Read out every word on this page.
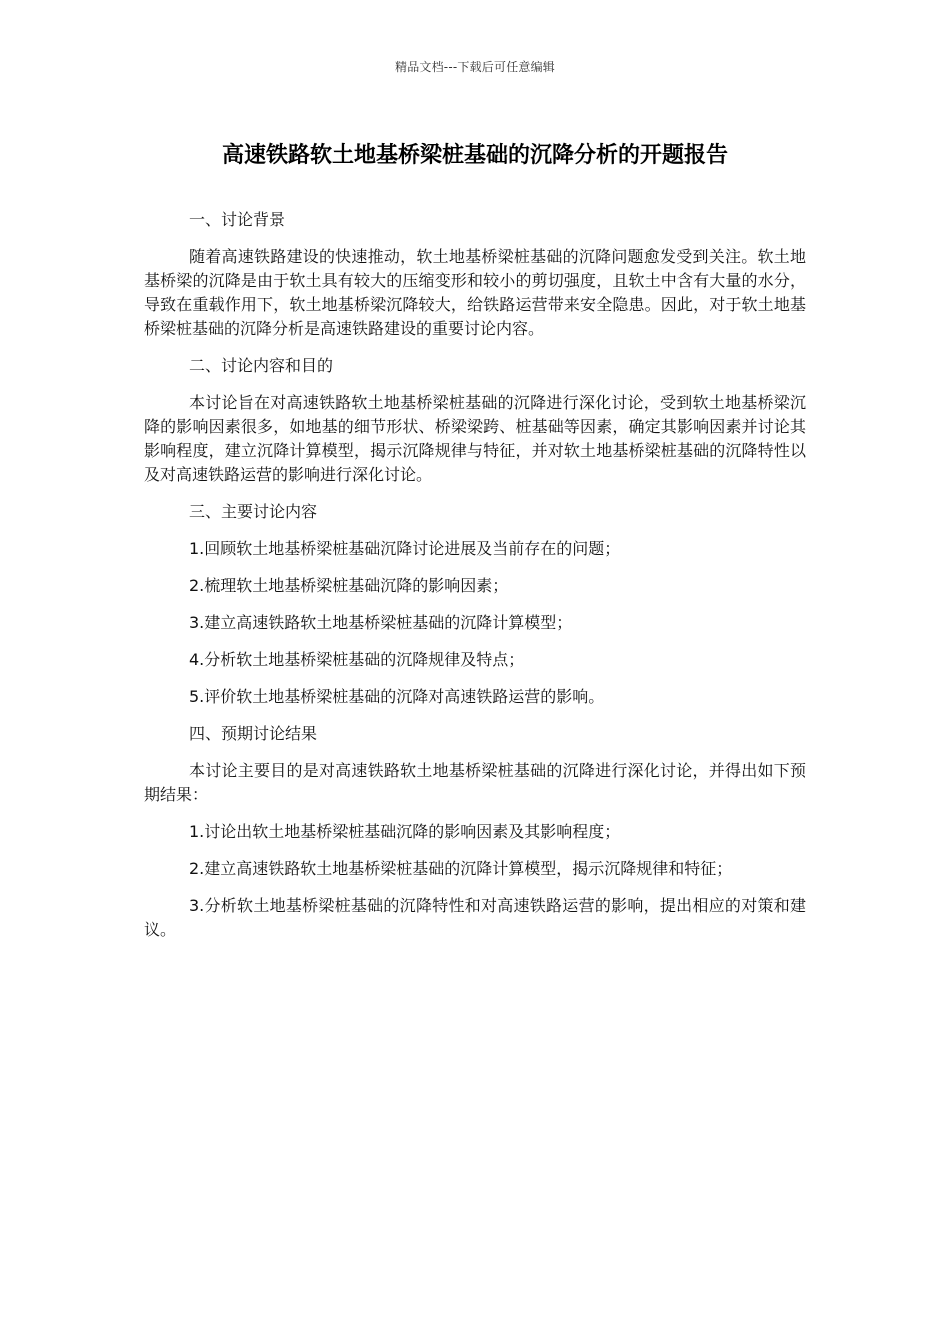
精品文档---下载后可任意编辑
高速铁路软土地基桥梁桩基础的沉降分析的开题报告

一、讨论背景

随着高速铁路建设的快速推动，软土地基桥梁桩基础的沉降问题愈发受到关注。软土地基桥梁的沉降是由于软土具有较大的压缩变形和较小的剪切强度，且软土中含有大量的水分，导致在重载作用下，软土地基桥梁沉降较大，给铁路运营带来安全隐患。因此，对于软土地基桥梁桩基础的沉降分析是高速铁路建设的重要讨论内容。

二、讨论内容和目的

本讨论旨在对高速铁路软土地基桥梁桩基础的沉降进行深化讨论，受到软土地基桥梁沉降的影响因素很多，如地基的细节形状、桥梁梁跨、桩基础等因素，确定其影响因素并讨论其影响程度，建立沉降计算模型，揭示沉降规律与特征，并对软土地基桥梁桩基础的沉降特性以及对高速铁路运营的影响进行深化讨论。

三、主要讨论内容

1.回顾软土地基桥梁桩基础沉降讨论进展及当前存在的问题；

2.梳理软土地基桥梁桩基础沉降的影响因素；

3.建立高速铁路软土地基桥梁桩基础的沉降计算模型；

4.分析软土地基桥梁桩基础的沉降规律及特点；

5.评价软土地基桥梁桩基础的沉降对高速铁路运营的影响。

四、预期讨论结果

本讨论主要目的是对高速铁路软土地基桥梁桩基础的沉降进行深化讨论，并得出如下预期结果：

1.讨论出软土地基桥梁桩基础沉降的影响因素及其影响程度；

2.建立高速铁路软土地基桥梁桩基础的沉降计算模型，揭示沉降规律和特征；

3.分析软土地基桥梁桩基础的沉降特性和对高速铁路运营的影响，提出相应的对策和建议。
